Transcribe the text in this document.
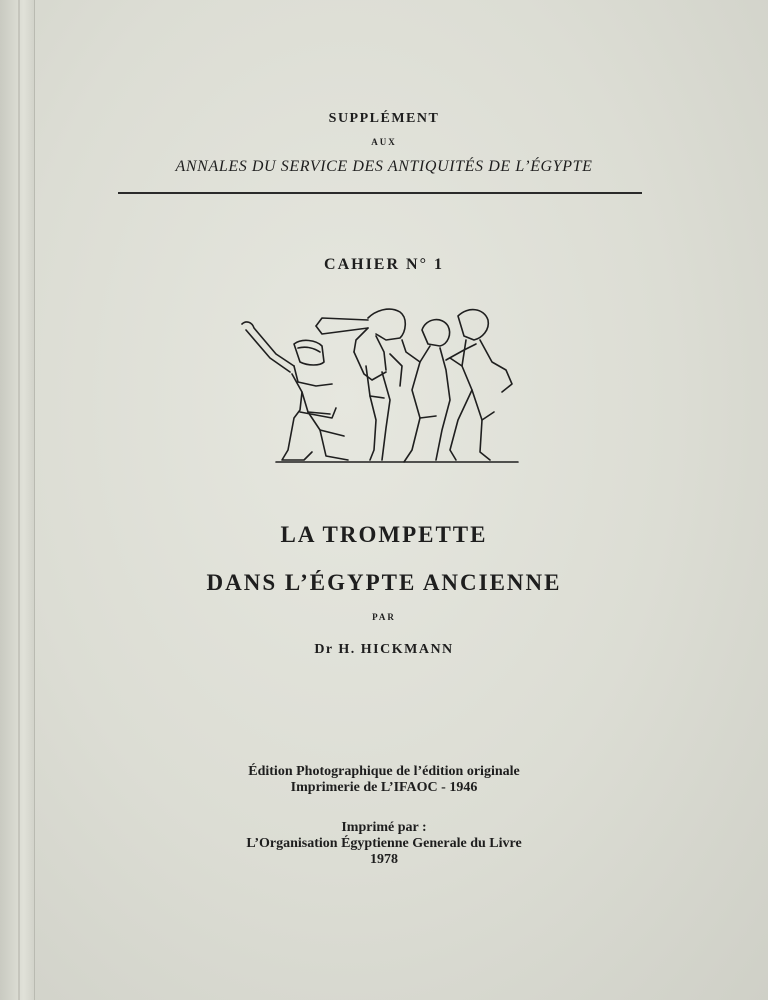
SUPPLÉMENT
AUX
ANNALES DU SERVICE DES ANTIQUITÉS DE L’ÉGYPTE
CAHIER N° 1
LA TROMPETTE
DANS L’ÉGYPTE ANCIENNE
PAR
Dr H. HICKMANN
Édition Photographique de l’édition originale
Imprimerie de L’IFAOC - 1946
Imprimé par :
L’Organisation Égyptienne Generale du Livre
1978
